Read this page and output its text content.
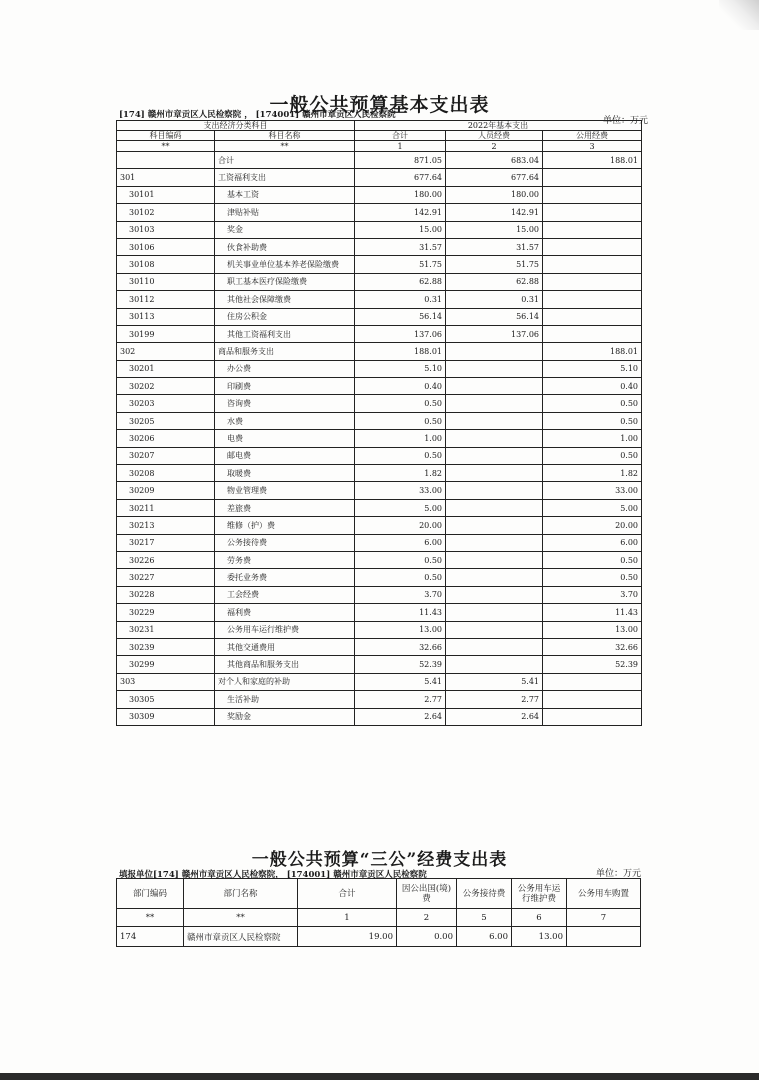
一般公共预算基本支出表
[174] 赣州市章贡区人民检察院 ， [174001] 赣州市章贡区人民检察院
单位：万元
支出经济分类科目		2022年基本支出		
科目编码	科目名称	合计	人员经费	公用经费
**	**	1	2	3
	合计	871.05	683.04	188.01
301	工资福利支出	677.64	677.64	
30101	基本工资	180.00	180.00	
30102	津贴补贴	142.91	142.91	
30103	奖金	15.00	15.00	
30106	伙食补助费	31.57	31.57	
30108	机关事业单位基本养老保险缴费	51.75	51.75	
30110	职工基本医疗保险缴费	62.88	62.88	
30112	其他社会保障缴费	0.31	0.31	
30113	住房公积金	56.14	56.14	
30199	其他工资福利支出	137.06	137.06	
302	商品和服务支出	188.01		188.01
30201	办公费	5.10		5.10
30202	印刷费	0.40		0.40
30203	咨询费	0.50		0.50
30205	水费	0.50		0.50
30206	电费	1.00		1.00
30207	邮电费	0.50		0.50
30208	取暖费	1.82		1.82
30209	物业管理费	33.00		33.00
30211	差旅费	5.00		5.00
30213	维修（护）费	20.00		20.00
30217	公务接待费	6.00		6.00
30226	劳务费	0.50		0.50
30227	委托业务费	0.50		0.50
30228	工会经费	3.70		3.70
30229	福利费	11.43		11.43
30231	公务用车运行维护费	13.00		13.00
30239	其他交通费用	32.66		32.66
30299	其他商品和服务支出	52.39		52.39
303	对个人和家庭的补助	5.41	5.41	
30305	生活补助	2.77	2.77	
30309	奖励金	2.64	2.64	
一般公共预算“三公”经费支出表
填报单位[174] 赣州市章贡区人民检察院， [174001] 赣州市章贡区人民检察院	单位：万元
部门编码	部门名称	合计	因公出国(境)费	公务接待费	公务用车运行维护费	公务用车购置
**	**	1	2	5	6	7
174	赣州市章贡区人民检察院	19.00	0.00	6.00	13.00	
